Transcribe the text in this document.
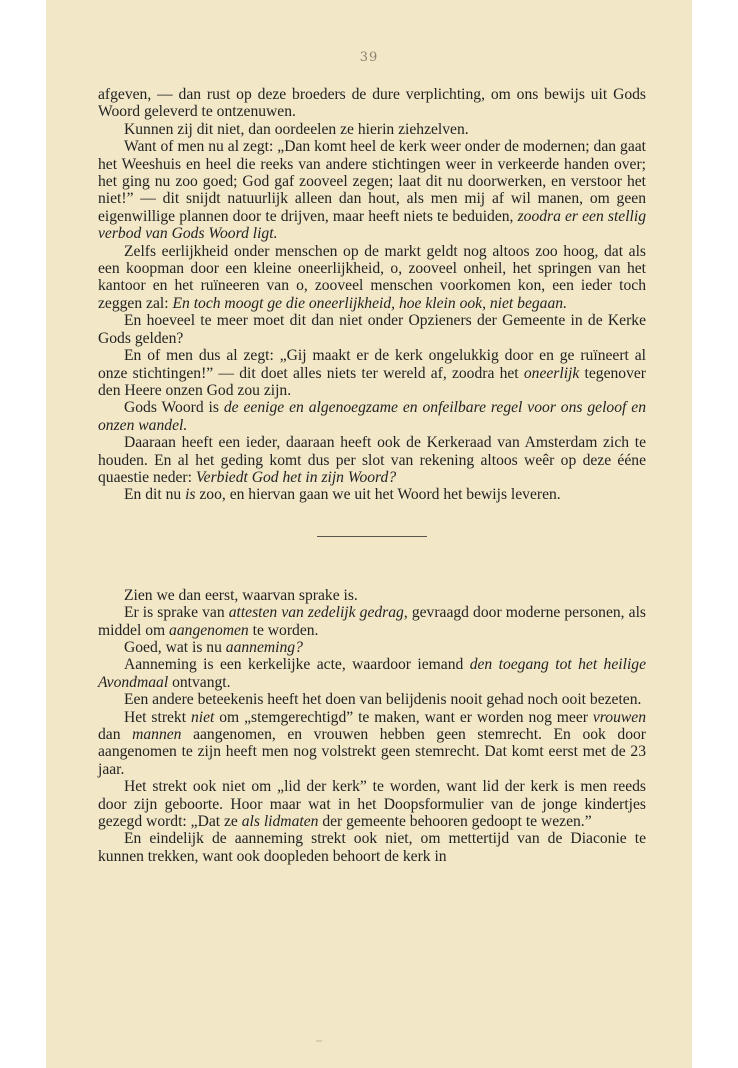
39

afgeven, — dan rust op deze broeders de dure verplichting, om ons bewijs uit Gods Woord geleverd te ontzenuwen.

Kunnen zij dit niet, dan oordeelen ze hierin ziehzelven.

Want of men nu al zegt: „Dan komt heel de kerk weer onder de modernen; dan gaat het Weeshuis en heel die reeks van andere stichtingen weer in verkeerde handen over; het ging nu zoo goed; God gaf zooveel zegen; laat dit nu doorwerken, en verstoor het niet!” — dit snijdt natuurlijk alleen dan hout, als men mij af wil manen, om geen eigenwillige plannen door te drijven, maar heeft niets te beduiden, zoodra er een stellig verbod van Gods Woord ligt.

Zelfs eerlijkheid onder menschen op de markt geldt nog altoos zoo hoog, dat als een koopman door een kleine oneerlijkheid, o, zooveel onheil, het springen van het kantoor en het ruïneeren van o, zooveel menschen voorkomen kon, een ieder toch zeggen zal: En toch moogt ge die oneerlijkheid, hoe klein ook, niet begaan.

En hoeveel te meer moet dit dan niet onder Opzieners der Gemeente in de Kerke Gods gelden?

En of men dus al zegt: „Gij maakt er de kerk ongelukkig door en ge ruïneert al onze stichtingen!” — dit doet alles niets ter wereld af, zoodra het oneerlijk tegenover den Heere onzen God zou zijn.

Gods Woord is de eenige en algenoegzame en onfeilbare regel voor ons geloof en onzen wandel.

Daaraan heeft een ieder, daaraan heeft ook de Kerkeraad van Amsterdam zich te houden. En al het geding komt dus per slot van rekening altoos weêr op deze ééne quaestie neder: Verbiedt God het in zijn Woord?

En dit nu is zoo, en hiervan gaan we uit het Woord het bewijs leveren.

Zien we dan eerst, waarvan sprake is.

Er is sprake van attesten van zedelijk gedrag, gevraagd door moderne personen, als middel om aangenomen te worden.

Goed, wat is nu aanneming?

Aanneming is een kerkelijke acte, waardoor iemand den toegang tot het heilige Avondmaal ontvangt.

Een andere beteekenis heeft het doen van belijdenis nooit gehad noch ooit bezeten.

Het strekt niet om „stemgerechtigd” te maken, want er worden nog meer vrouwen dan mannen aangenomen, en vrouwen hebben geen stemrecht. En ook door aangenomen te zijn heeft men nog volstrekt geen stemrecht. Dat komt eerst met de 23 jaar.

Het strekt ook niet om „lid der kerk” te worden, want lid der kerk is men reeds door zijn geboorte. Hoor maar wat in het Doopsformulier van de jonge kindertjes gezegd wordt: „Dat ze als lidmaten der gemeente behooren gedoopt te wezen.”

En eindelijk de aanneming strekt ook niet, om mettertijd van de Diaconie te kunnen trekken, want ook doopleden behoort de kerk in
